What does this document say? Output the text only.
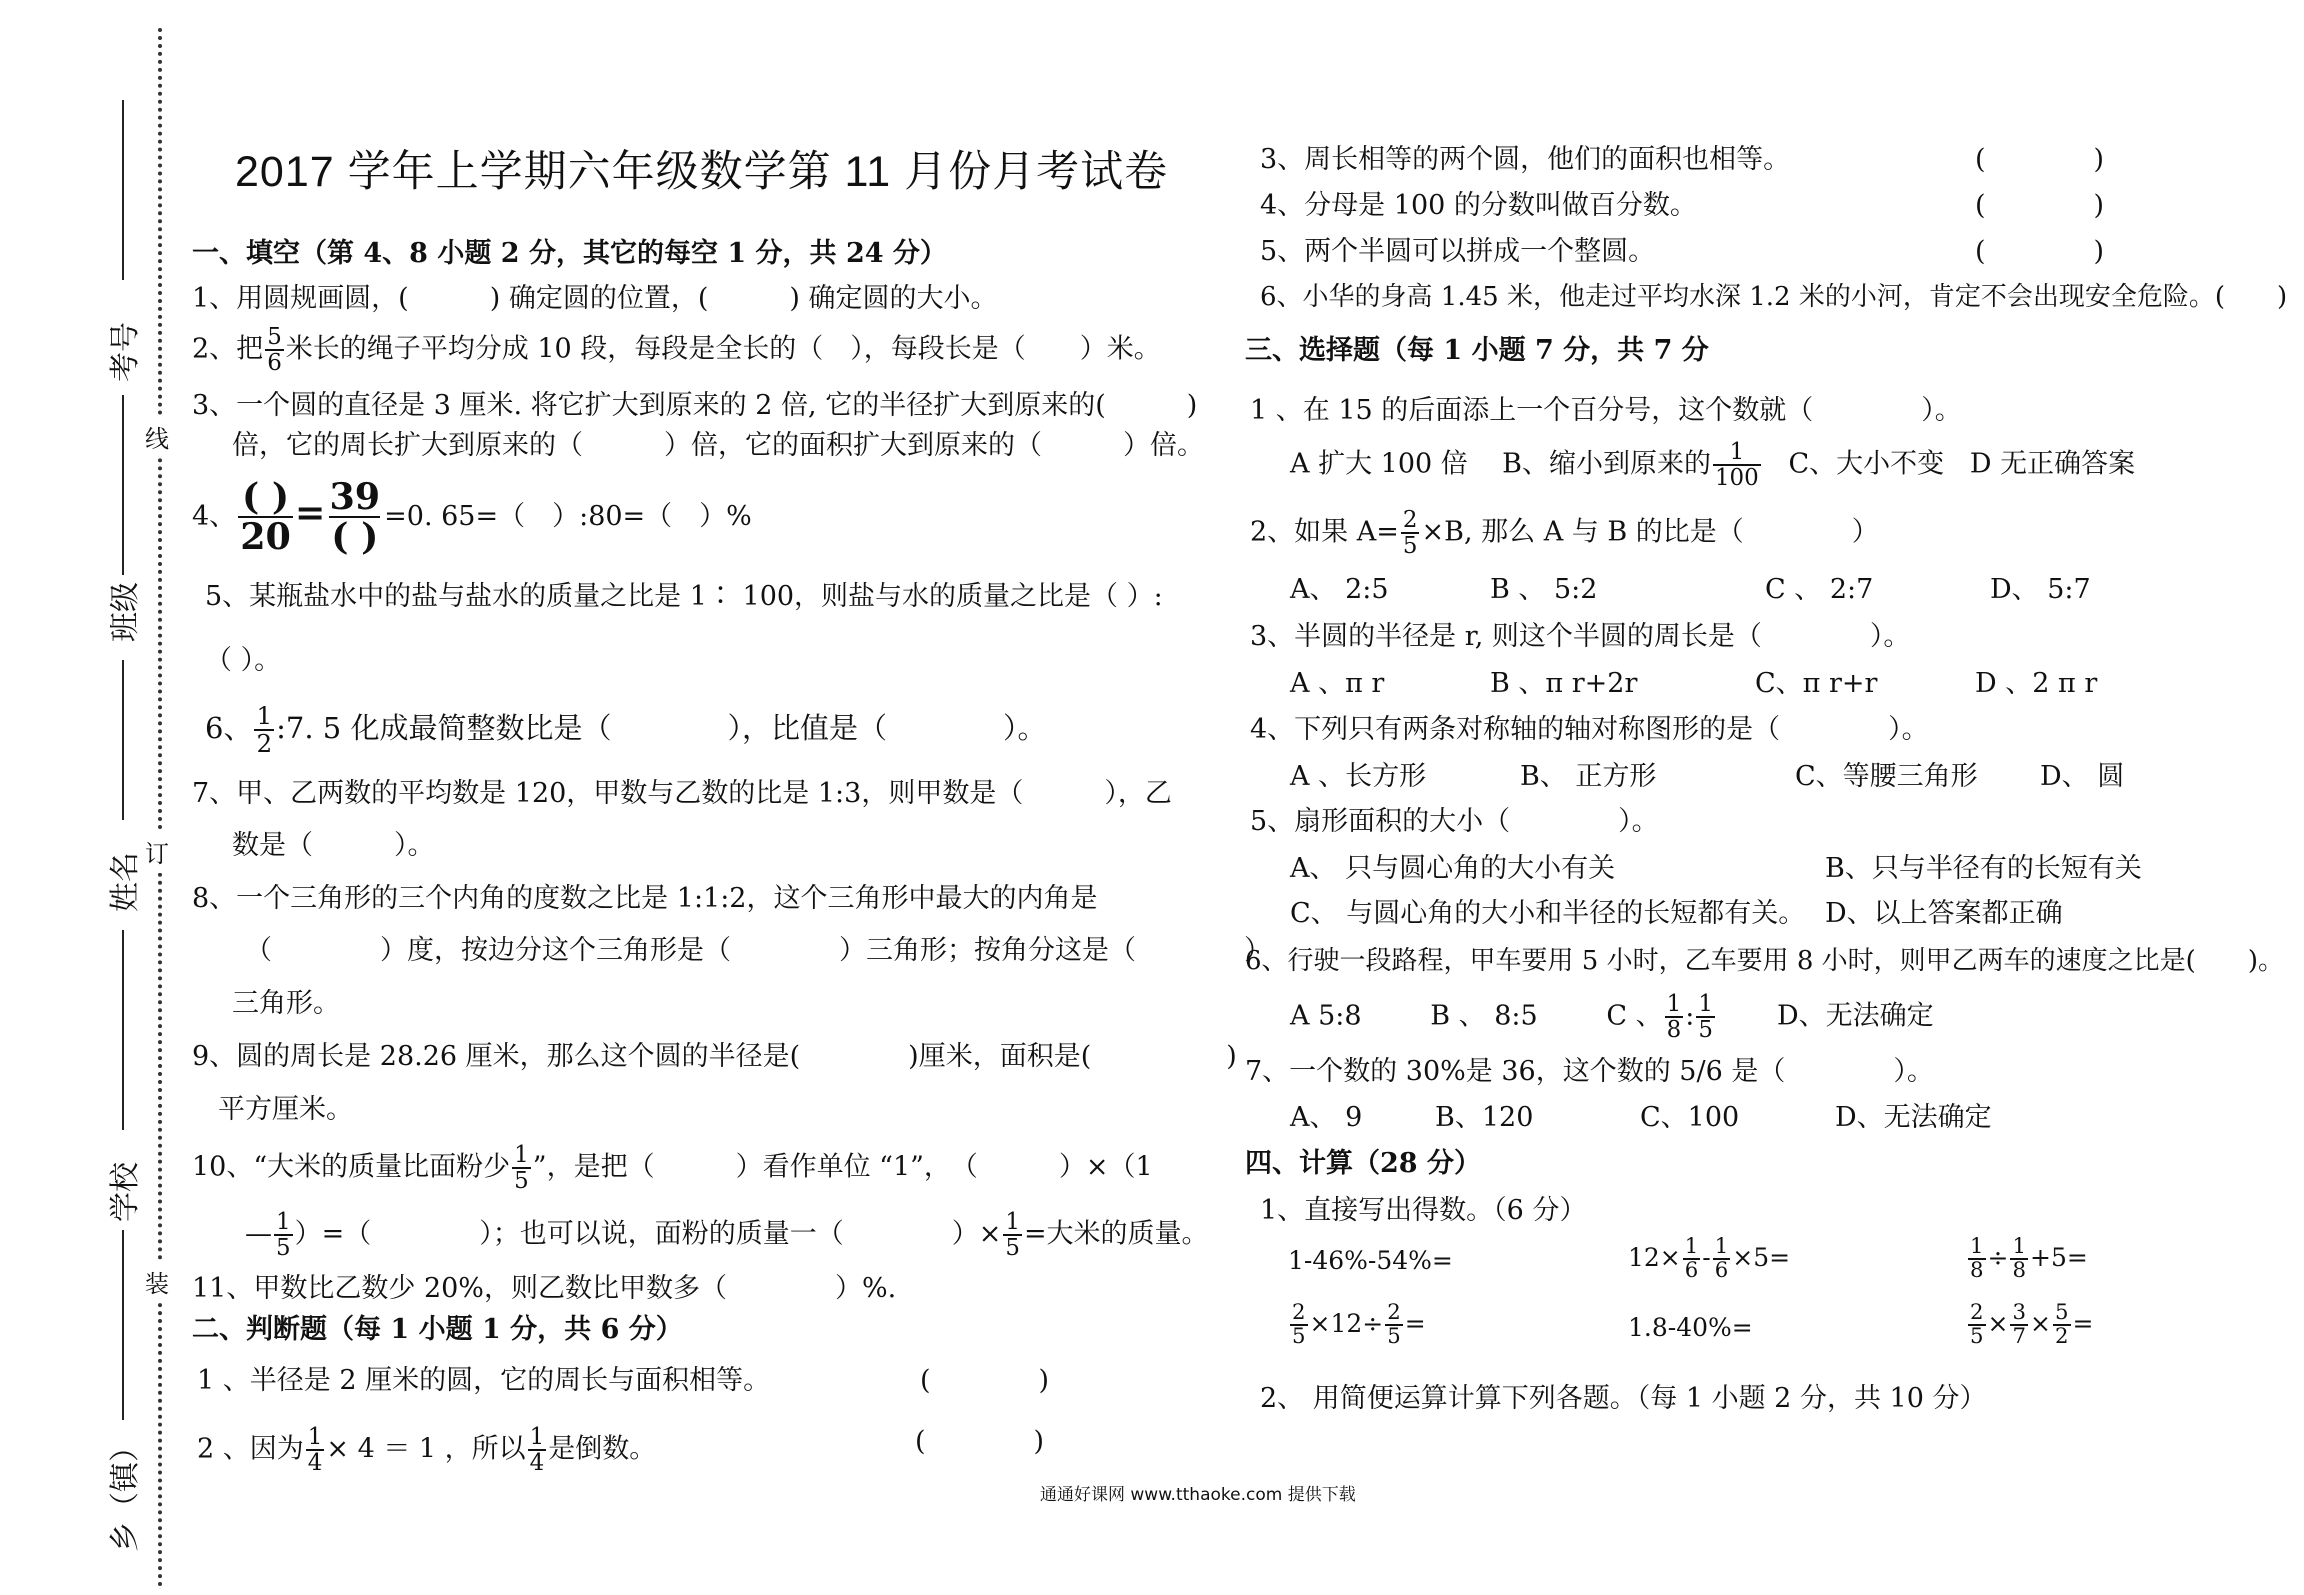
考号
班级
姓名
学校
乡（镇）
线
订
装
2017 学年上学期六年级数学第 11 月份月考试卷
一、填空（第 4、8 小题 2 分，其它的每空 1 分，共 24 分）
1、用圆规画圆，(　　　) 确定圆的位置，(　　　) 确定圆的大小。
2、把 $\frac{5}{6}$ 米长的绳子平均分成 10 段，每段是全长的（　），每段长是（　　）米。
3、一个圆的直径是 3 厘米. 将它扩大到原来的 2 倍, 它的半径扩大到原来的(　　　)
倍，它的周长扩大到原来的（　　　）倍，它的面积扩大到原来的（　　　）倍。
4、 $\frac{( )}{20} = \frac{39}{( )} =0$. 65=（　）:80=（　）%
5、某瓶盐水中的盐与盐水的质量之比是 1∶ 100，则盐与水的质量之比是（ ）:
（ ）。
6、 $\frac{1}{2}$ :7. 5 化成最简整数比是（　　　　），比值是（　　　　）。
7、甲、乙两数的平均数是 120，甲数与乙数的比是 1:3，则甲数是（　　　），乙
数是（　　　）。
8、一个三角形的三个内角的度数之比是 1:1:2，这个三角形中最大的内角是
（　　　　）度，按边分这个三角形是（　　　　）三角形；按角分这是（　　　　）
三角形。
9、圆的周长是 28.26 厘米，那么这个圆的半径是(　　　　)厘米，面积是(　　　　　)
平方厘米。
10、“大米的质量比面粉少 $\frac{1}{5}$ ”，是把（　　　）看作单位 “1”，　（　　　）×（1
— $\frac{1}{5}$ ）=（　　　　）；也可以说，面粉的质量一（　　　　）× $\frac{1}{5}$ =大米的质量。
11、甲数比乙数少 20%，则乙数比甲数多（　　　　）%.
二、判断题（每 1 小题 1 分，共 6 分）
1 、半径是 2 厘米的圆，它的周长与面积相等。	(　　　　)
2 、因为 $\frac{1}{4} \times 4 = 1$ ，所以 $\frac{1}{4}$ 是倒数。	(　　　　)
3、周长相等的两个圆，他们的面积也相等。	(　　　　)
4、分母是 100 的分数叫做百分数。	(　　　　)
5、两个半圆可以拼成一个整圆。	(　　　　)
6、小华的身高 1.45 米，他走过平均水深 1.2 米的小河，肯定不会出现安全危险。(　　)
三、选择题（每 1 小题 7 分，共 7 分
1 、在 15 的后面添上一个百分号，这个数就（　　　　）。
A 扩大 100 倍 B、缩小到原来的 $\frac{1}{100}$ C、大小不变 D 无正确答案
2、如果 $A= \frac{2}{5} \times B$, 那么 A 与 B 的比是（　　　　）
A、 2:5	B 、 5:2	C 、 2:7	D、 5:7
3、半圆的半径是 r, 则这个半圆的周长是（　　　　）。
A 、π r	B 、π r+2r	C、π r+r	D 、2 π r
4、下列只有两条对称轴的轴对称图形的是（　　　　）。
A 、长方形	B、 正方形	C、等腰三角形 D、 圆
5、扇形面积的大小（　　　　）。
A、 只与圆心角的大小有关	B、只与半径有的长短有关
C、 与圆心角的大小和半径的长短都有关。 D、以上答案都正确
6、行驶一段路程，甲车要用 5 小时，乙车要用 8 小时，则甲乙两车的速度之比是(　　)。
A 5:8	B 、 8:5	C 、 $\frac{1}{8}$ : $\frac{1}{5}$ D、无法确定
7、一个数的 30%是 36，这个数的 5/6 是（　　　　）。
A、 9	B、120	C、100	D、无法确定
四、计算（28 分）
1、直接写出得数。（6 分）
1-46%-54%=	$12\times \frac{1}{6} - \frac{1}{6} \times 5=$	$\frac{1}{8} \div \frac{1}{8} +5=$
$\frac{2}{5} \times 12\div \frac{2}{5}$ =	1.8-40%=	$\frac{2}{5} \times \frac{3}{7} \times \frac{5}{2}$ =
2、 用简便运算计算下列各题。（每 1 小题 2 分，共 10 分）
通通好课网 www.tthaoke.com 提供下载
